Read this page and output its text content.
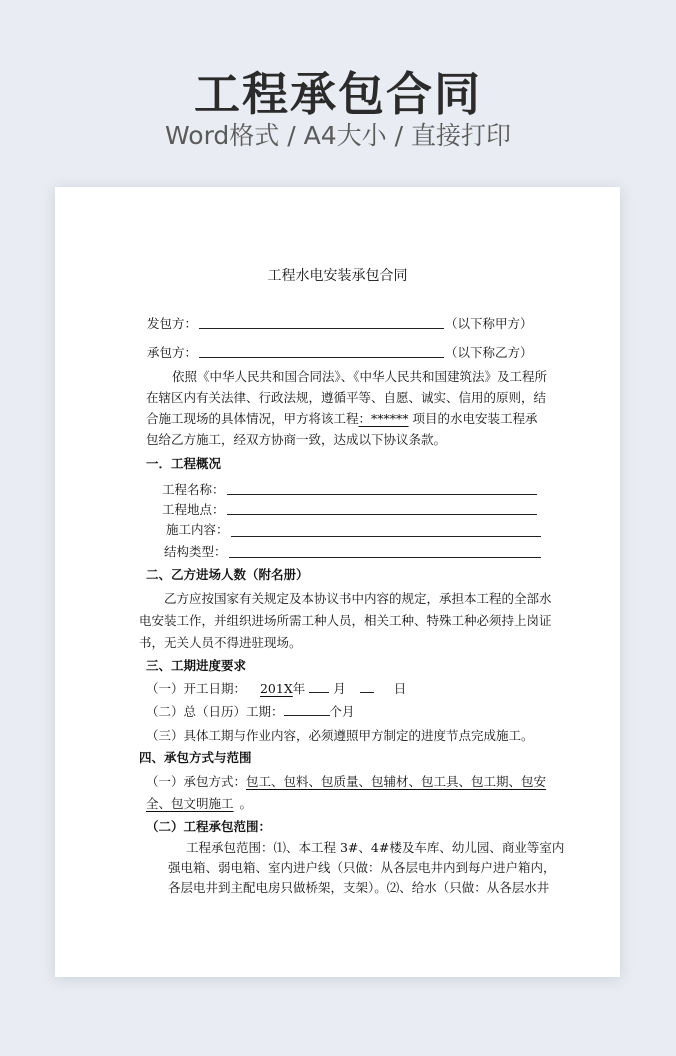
工程承包合同
Word格式 / A4大小 / 直接打印
工程水电安装承包合同
发包方：	（以下称甲方）
承包方：	（以下称乙方）
依照《中华人民共和国合同法》、《中华人民共和国建筑法》及工程所
在辖区内有关法律、行政法规，遵循平等、自愿、诚实、信用的原则，结
合施工现场的具体情况，甲方将该工程：****** 项目的水电安装工程承
包给乙方施工，经双方协商一致，达成以下协议条款。
一．工程概况
工程名称：
工程地点：
施工内容：
结构类型：
二、乙方进场人数（附名册）
乙方应按国家有关规定及本协议书中内容的规定，承担本工程的全部水
电安装工作，并组织进场所需工种人员，相关工种、特殊工种必须持上岗证
书，无关人员不得进驻现场。
三、工期进度要求
（一）开工日期： 201X年 月	日
（二）总（日历）工期：	个月
（三）具体工期与作业内容，必须遵照甲方制定的进度节点完成施工。
四、承包方式与范围
（一）承包方式：包工、包料、包质量、包辅材、包工具、包工期、包安
全、包文明施工 。
（二）工程承包范围：
工程承包范围：⑴、本工程 3#、4#楼及车库、幼儿园、商业等室内
强电箱、弱电箱、室内进户线（只做：从各层电井内到每户进户箱内，
各层电井到主配电房只做桥架，支架）。⑵、给水（只做：从各层水井
